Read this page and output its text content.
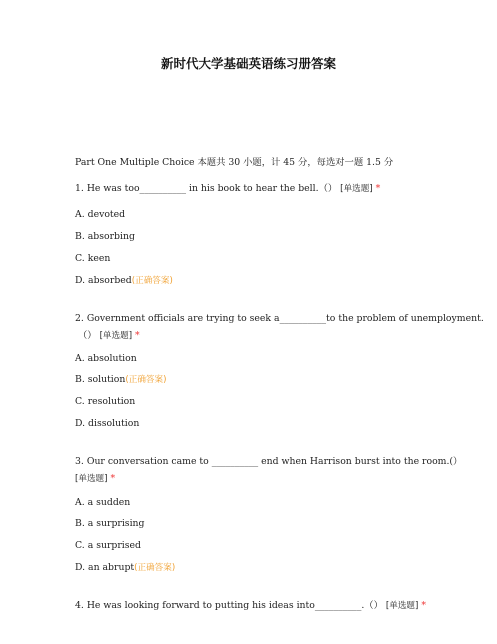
新时代大学基础英语练习册答案
Part One Multiple Choice 本题共 30 小题，计 45 分，每选对一题 1.5 分
1. He was too__________ in his book to hear the bell.（） [单选题] *
A. devoted
B. absorbing
C. keen
D. absorbed(正确答案)
2. Government officials are trying to seek a__________to the problem of unemployment.
（） [单选题] *
A. absolution
B. solution(正确答案)
C. resolution
D. dissolution
3. Our conversation came to __________ end when Harrison burst into the room.(）
[单选题] *
A. a sudden
B. a surprising
C. a surprised
D. an abrupt(正确答案)
4. He was looking forward to putting his ideas into__________.（） [单选题] *
